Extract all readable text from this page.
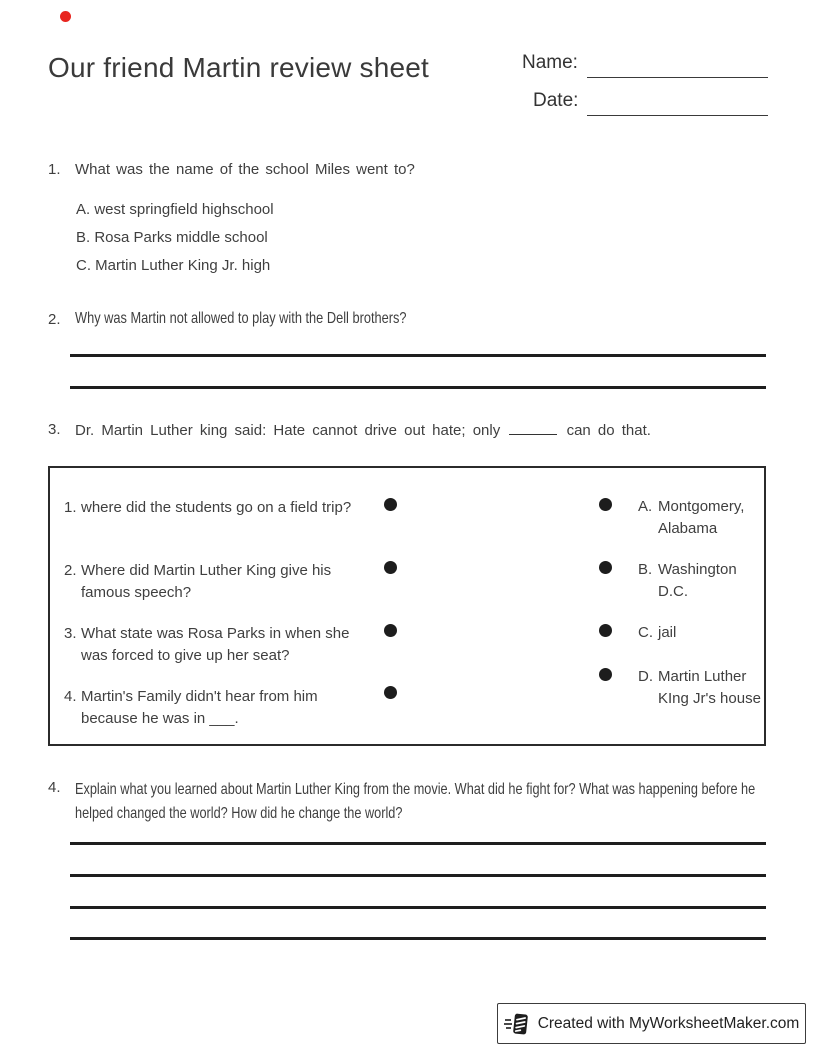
Our friend Martin review sheet	Name:
Date:
1. What was the name of the school Miles went to?
A. west springfield highschool
B. Rosa Parks middle school
C. Martin Luther King Jr. high
2. Why was Martin not allowed to play with the Dell brothers?
3. Dr. Martin Luther king said: Hate cannot drive out hate; only	can do that.
1. where did the students go on a field trip?
2. Where did Martin Luther King give his famous speech?
3. What state was Rosa Parks in when she was forced to give up her seat?
4. Martin's Family didn't hear from him because he was in ___.
A. Montgomery, Alabama
B. Washington D.C.
C. jail
D. Martin Luther KIng Jr's house
4. Explain what you learned about Martin Luther King from the movie. What did he fight for? What was happening before he helped changed the world? How did he change the world?
Created with MyWorksheetMaker.com
